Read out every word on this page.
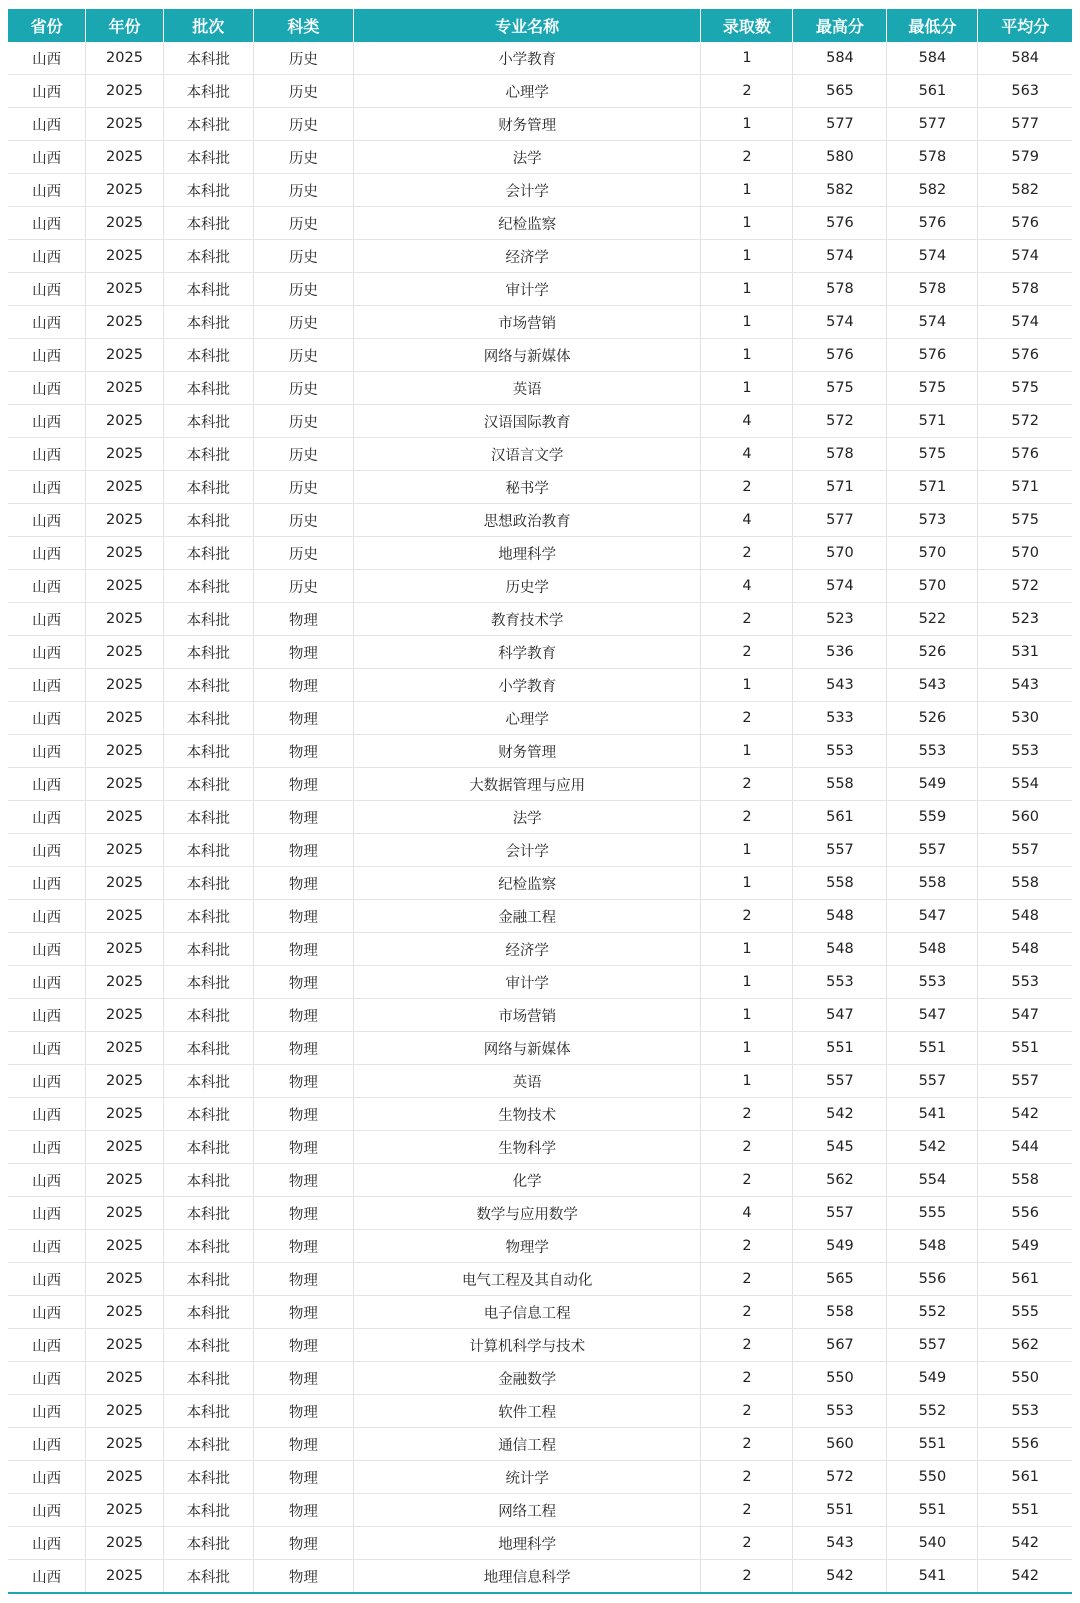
省份	年份	批次	科类	专业名称	录取数	最高分	最低分	平均分
山西	2025	本科批	历史	小学教育	1	584	584	584
山西	2025	本科批	历史	心理学	2	565	561	563
山西	2025	本科批	历史	财务管理	1	577	577	577
山西	2025	本科批	历史	法学	2	580	578	579
山西	2025	本科批	历史	会计学	1	582	582	582
山西	2025	本科批	历史	纪检监察	1	576	576	576
山西	2025	本科批	历史	经济学	1	574	574	574
山西	2025	本科批	历史	审计学	1	578	578	578
山西	2025	本科批	历史	市场营销	1	574	574	574
山西	2025	本科批	历史	网络与新媒体	1	576	576	576
山西	2025	本科批	历史	英语	1	575	575	575
山西	2025	本科批	历史	汉语国际教育	4	572	571	572
山西	2025	本科批	历史	汉语言文学	4	578	575	576
山西	2025	本科批	历史	秘书学	2	571	571	571
山西	2025	本科批	历史	思想政治教育	4	577	573	575
山西	2025	本科批	历史	地理科学	2	570	570	570
山西	2025	本科批	历史	历史学	4	574	570	572
山西	2025	本科批	物理	教育技术学	2	523	522	523
山西	2025	本科批	物理	科学教育	2	536	526	531
山西	2025	本科批	物理	小学教育	1	543	543	543
山西	2025	本科批	物理	心理学	2	533	526	530
山西	2025	本科批	物理	财务管理	1	553	553	553
山西	2025	本科批	物理	大数据管理与应用	2	558	549	554
山西	2025	本科批	物理	法学	2	561	559	560
山西	2025	本科批	物理	会计学	1	557	557	557
山西	2025	本科批	物理	纪检监察	1	558	558	558
山西	2025	本科批	物理	金融工程	2	548	547	548
山西	2025	本科批	物理	经济学	1	548	548	548
山西	2025	本科批	物理	审计学	1	553	553	553
山西	2025	本科批	物理	市场营销	1	547	547	547
山西	2025	本科批	物理	网络与新媒体	1	551	551	551
山西	2025	本科批	物理	英语	1	557	557	557
山西	2025	本科批	物理	生物技术	2	542	541	542
山西	2025	本科批	物理	生物科学	2	545	542	544
山西	2025	本科批	物理	化学	2	562	554	558
山西	2025	本科批	物理	数学与应用数学	4	557	555	556
山西	2025	本科批	物理	物理学	2	549	548	549
山西	2025	本科批	物理	电气工程及其自动化	2	565	556	561
山西	2025	本科批	物理	电子信息工程	2	558	552	555
山西	2025	本科批	物理	计算机科学与技术	2	567	557	562
山西	2025	本科批	物理	金融数学	2	550	549	550
山西	2025	本科批	物理	软件工程	2	553	552	553
山西	2025	本科批	物理	通信工程	2	560	551	556
山西	2025	本科批	物理	统计学	2	572	550	561
山西	2025	本科批	物理	网络工程	2	551	551	551
山西	2025	本科批	物理	地理科学	2	543	540	542
山西	2025	本科批	物理	地理信息科学	2	542	541	542
